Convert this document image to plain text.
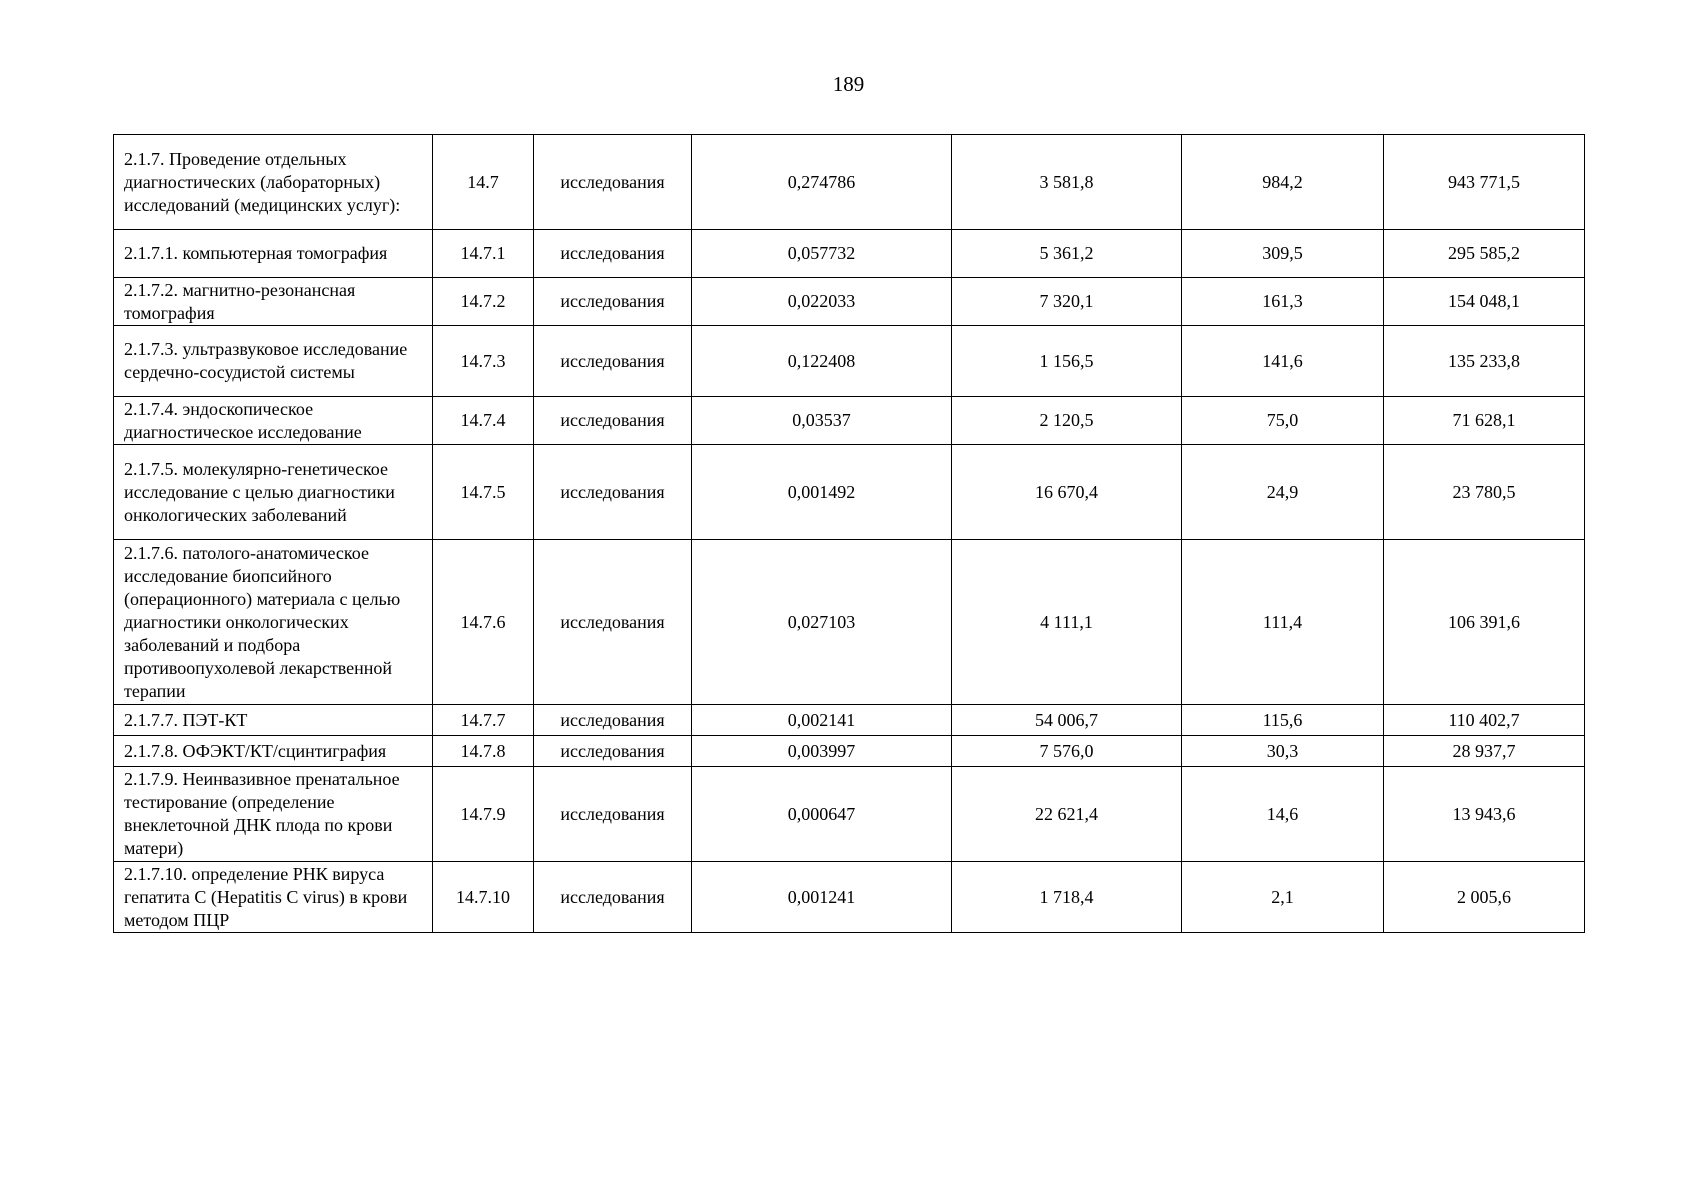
189
2.1.7. Проведение отдельных диагностических (лабораторных) исследований (медицинских услуг):	14.7	исследования	0,274786	3 581,8	984,2	943 771,5
2.1.7.1. компьютерная томография	14.7.1	исследования	0,057732	5 361,2	309,5	295 585,2
2.1.7.2. магнитно-резонансная томография	14.7.2	исследования	0,022033	7 320,1	161,3	154 048,1
2.1.7.3. ультразвуковое исследование сердечно-сосудистой системы	14.7.3	исследования	0,122408	1 156,5	141,6	135 233,8
2.1.7.4. эндоскопическое диагностическое исследование	14.7.4	исследования	0,03537	2 120,5	75,0	71 628,1
2.1.7.5. молекулярно-генетическое исследование с целью диагностики онкологических заболеваний	14.7.5	исследования	0,001492	16 670,4	24,9	23 780,5
2.1.7.6. патолого-анатомическое исследование биопсийного (операционного) материала с целью диагностики онкологических заболеваний и подбора противоопухолевой лекарственной терапии	14.7.6	исследования	0,027103	4 111,1	111,4	106 391,6
2.1.7.7. ПЭТ-КТ	14.7.7	исследования	0,002141	54 006,7	115,6	110 402,7
2.1.7.8. ОФЭКТ/КТ/сцинтиграфия	14.7.8	исследования	0,003997	7 576,0	30,3	28 937,7
2.1.7.9. Неинвазивное пренатальное тестирование (определение внеклеточной ДНК плода по крови матери)	14.7.9	исследования	0,000647	22 621,4	14,6	13 943,6
2.1.7.10. определение РНК вируса гепатита С (Hepatitis C virus) в крови методом ПЦР	14.7.10	исследования	0,001241	1 718,4	2,1	2 005,6
